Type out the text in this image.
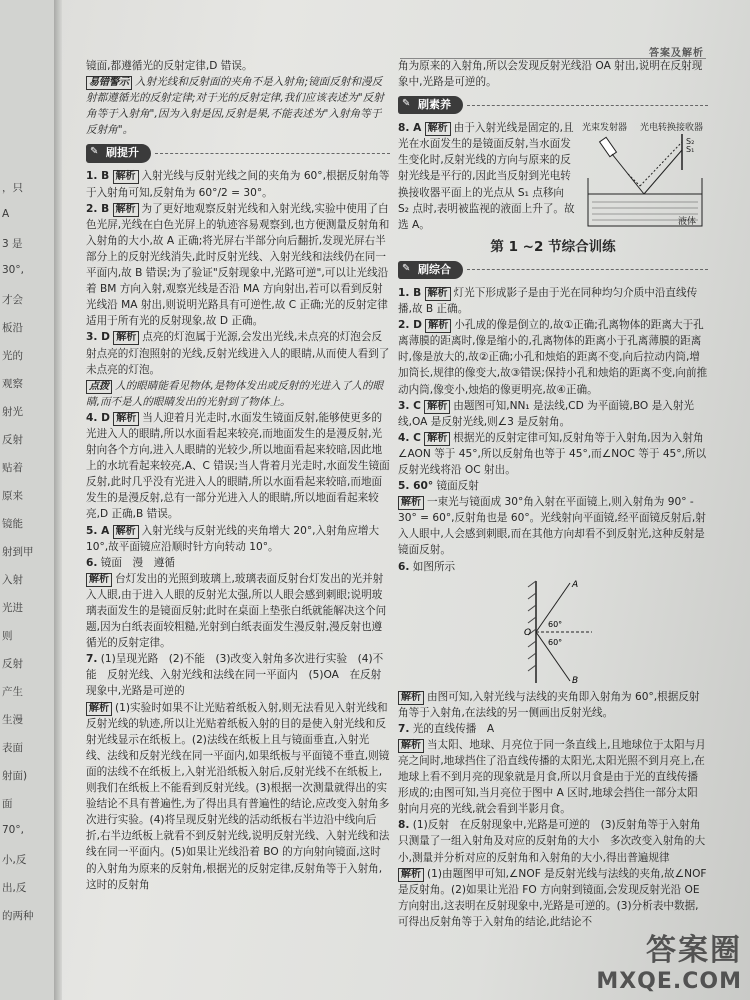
，只
A
3 是
30°,
才会
板沿
光的
观察
射光
反射
贴着
原来
镜能
射到甲
入射
光进
则
反射
产生
生漫
表面
射面)
面
70°,
小,反
出,反
的两种
答案及解析

镜面,都遵循光的反射定律,D 错误。

易错警示 入射光线和反射面的夹角不是入射角;镜面反射和漫反射都遵循光的反射定律;对于光的反射定律,我们应该表述为"反射角等于入射角",因为入射是因,反射是果,不能表述为"入射角等于反射角"。

✎ 刷提升

1. B 解析 入射光线与反射光线之间的夹角为 60°,根据反射角等于入射角可知,反射角为 60°/2 = 30°。

2. B 解析 为了更好地观察反射光线和入射光线,实验中使用了白色光屏,光线在白色光屏上的轨迹容易观察到,也方便测量反射角和入射角的大小,故 A 正确;将光屏右半部分向后翻折,发现光屏右半部分上的反射光线消失,此时反射光线、入射光线和法线仍在同一平面内,故 B 错误;为了验证"反射现象中,光路可逆",可以让光线沿着 BM 方向入射,观察光线是否沿 MA 方向射出,若可以看到反射光线沿 MA 射出,则说明光路具有可逆性,故 C 正确;光的反射定律适用于所有光的反射现象,故 D 正确。

3. D 解析 点亮的灯泡属于光源,会发出光线,未点亮的灯泡会反射点亮的灯泡照射的光线,反射光线进入人的眼睛,从而使人看到了未点亮的灯泡。

点拨 人的眼睛能看见物体,是物体发出或反射的光进入了人的眼睛,而不是人的眼睛发出的光射到了物体上。

4. D 解析 当人迎着月光走时,水面发生镜面反射,能够使更多的光进入人的眼睛,所以水面看起来较亮,而地面发生的是漫反射,光射向各个方向,进入人眼睛的光较少,所以地面看起来较暗,因此地上的水坑看起来较亮,A、C 错误;当人背着月光走时,水面发生镜面反射,此时几乎没有光进入人的眼睛,所以水面看起来较暗,而地面发生的是漫反射,总有一部分光进入人的眼睛,所以地面看起来较亮,D 正确,B 错误。

5. A 解析 入射光线与反射光线的夹角增大 20°,入射角应增大 10°,故平面镜应沿顺时针方向转动 10°。

6. 镜面　漫　遵循

解析 台灯发出的光照到玻璃上,玻璃表面反射台灯发出的光并射入人眼,由于进入人眼的反射光太强,所以人眼会感到刺眼;说明玻璃表面发生的是镜面反射;此时在桌面上垫张白纸就能解决这个问题,因为白纸表面较粗糙,光射到白纸表面发生漫反射,漫反射也遵循光的反射定律。

7. (1)呈现光路　(2)不能　(3)改变入射角多次进行实验　(4)不能　反射光线、入射光线和法线在同一平面内　(5)OA　在反射现象中,光路是可逆的

解析 (1)实验时如果不让光贴着纸板入射,则无法看见入射光线和反射光线的轨迹,所以让光贴着纸板入射的目的是使入射光线和反射光线显示在纸板上。(2)法线在纸板上且与镜面垂直,入射光线、法线和反射光线在同一平面内,如果纸板与平面镜不垂直,则镜面的法线不在纸板上,入射光沿纸板入射后,反射光线不在纸板上,则我们在纸板上不能看到反射光线。(3)根据一次测量就得出的实验结论不具有普遍性,为了得出具有普遍性的结论,应改变入射角多次进行实验。(4)将呈现反射光线的活动纸板右半边沿中线向后折,右半边纸板上就看不到反射光线,说明反射光线、入射光线和法线在同一平面内。(5)如果让光线沿着 BO 的方向射向镜面,这时的入射角为原来的反射角,根据光的反射定律,反射角等于入射角,这时的反射角

角为原来的入射角,所以会发现反射光线沿 OA 射出,说明在反射现象中,光路是可逆的。

✎ 刷素养
光束发射器 光电转换接收器
S₁
S₂
液体

8. A 解析 由于入射光线是固定的,且光在水面发生的是镜面反射,当水面发生变化时,反射光线的方向与原来的反射光线是平行的,因此当反射到光电转换接收器平面上的光点从 S₁ 点移向 S₂ 点时,表明被监视的液面上升了。故选 A。

第 1 ~2 节综合训练
✎ 刷综合

1. B 解析 灯光下形成影子是由于光在同种均匀介质中沿直线传播,故 B 正确。

2. D 解析 小孔成的像是倒立的,故①正确;孔离物体的距离大于孔离薄膜的距离时,像是缩小的,孔离物体的距离小于孔离薄膜的距离时,像是放大的,故②正确;小孔和烛焰的距离不变,向后拉动内筒,增加筒长,规律的像变大,故③错误;保持小孔和烛焰的距离不变,向前推动内筒,像变小,烛焰的像更明亮,故④正确。

3. C 解析 由题图可知,NN₁ 是法线,CD 为平面镜,BO 是入射光线,OA 是反射光线,则∠3 是反射角。

4. C 解析 根据光的反射定律可知,反射角等于入射角,因为入射角∠AON 等于 45°,所以反射角也等于 45°,而∠NOC 等于 45°,所以反射光线将沿 OC 射出。

5. 60° 镜面反射

解析 一束光与镜面成 30°角入射在平面镜上,则入射角为 90° - 30° = 60°,反射角也是 60°。光线射向平面镜,经平面镜反射后,射入人眼中,人会感到刺眼,而在其他方向却看不到反射光,这种反射是镜面反射。

6. 如图所示

A
O
B
60°
60°

解析 由图可知,入射光线与法线的夹角即入射角为 60°,根据反射角等于入射角,在法线的另一侧画出反射光线。

7. 光的直线传播　A

解析 当太阳、地球、月亮位于同一条直线上,且地球位于太阳与月亮之间时,地球挡住了沿直线传播的太阳光,太阳光照不到月亮上,在地球上看不到月亮的现象就是月食,所以月食是由于光的直线传播形成的;由图可知,当月亮位于图中 A 区时,地球会挡住一部分太阳射向月亮的光线,就会看到半影月食。

8. (1)反射　在反射现象中,光路是可逆的　(3)反射角等于入射角　只测量了一组入射角及对应的反射角的大小　多次改变入射角的大小,测量并分析对应的反射角和入射角的大小,得出普遍规律

解析 (1)由题图甲可知,∠NOF 是反射光线与法线的夹角,故∠NOF 是反射角。(2)如果让光沿 FO 方向射到镜面,会发现反射光沿 OE 方向射出,这表明在反射现象中,光路是可逆的。(3)分析表中数据,可得出反射角等于入射角的结论,此结论不

答案圈
MXQE.COM
